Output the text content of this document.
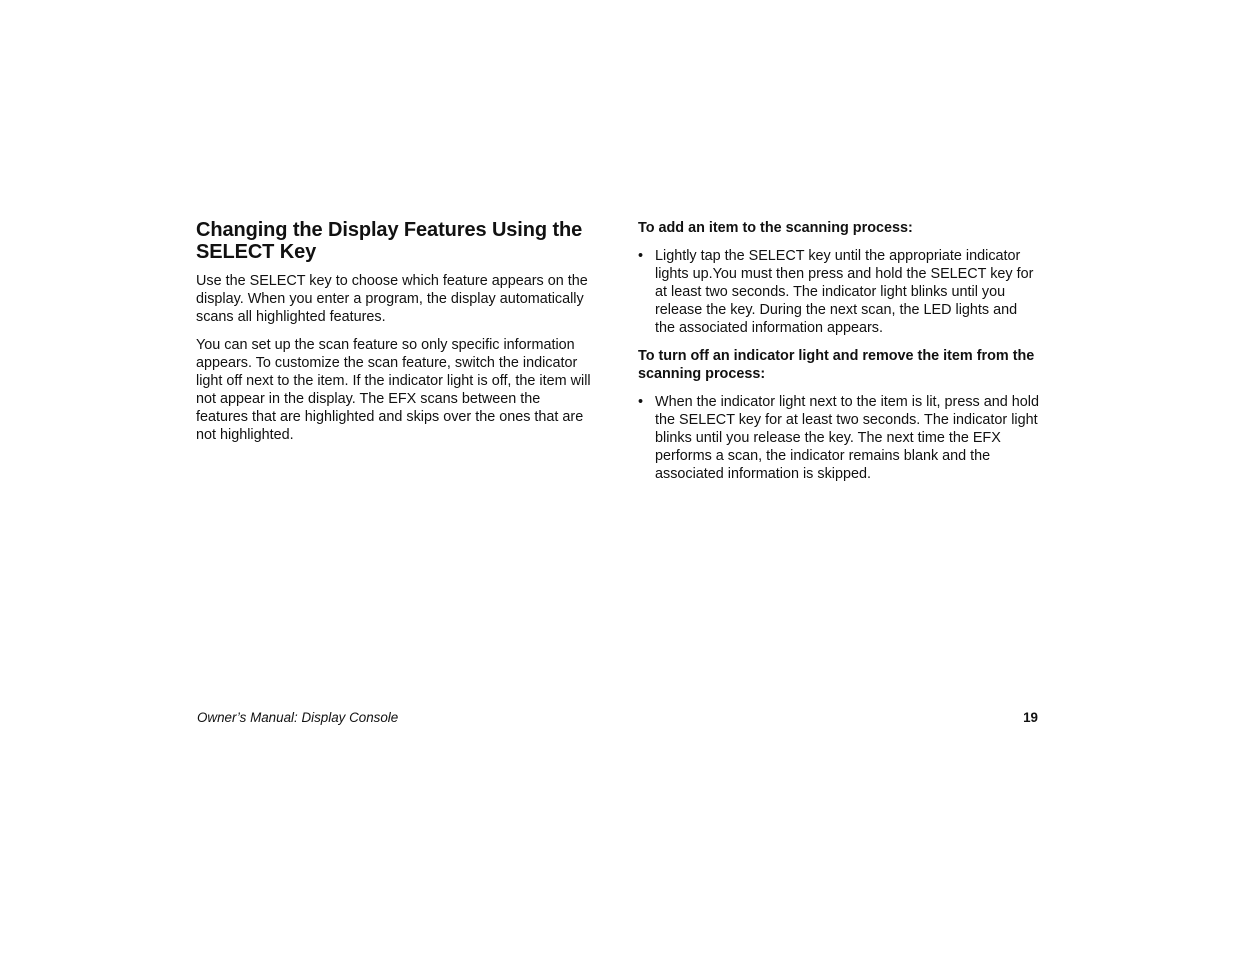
Changing the Display Features Using the SELECT Key

Use the SELECT key to choose which feature appears on the display. When you enter a program, the display automatically scans all highlighted features.

You can set up the scan feature so only specific information appears. To customize the scan feature, switch the indicator light off next to the item. If the indicator light is off, the item will not appear in the display. The EFX scans between the features that are highlighted and skips over the ones that are not highlighted.

To add an item to the scanning process:
• Lightly tap the SELECT key until the appropriate indicator lights up.You must then press and hold the SELECT key for at least two seconds. The indicator light blinks until you release the key. During the next scan, the LED lights and the associated information appears.
To turn off an indicator light and remove the item from the scanning process:
• When the indicator light next to the item is lit, press and hold the SELECT key for at least two seconds. The indicator light blinks until you release the key. The next time the EFX performs a scan, the indicator remains blank and the associated information is skipped.
Owner’s Manual: Display Console	19
